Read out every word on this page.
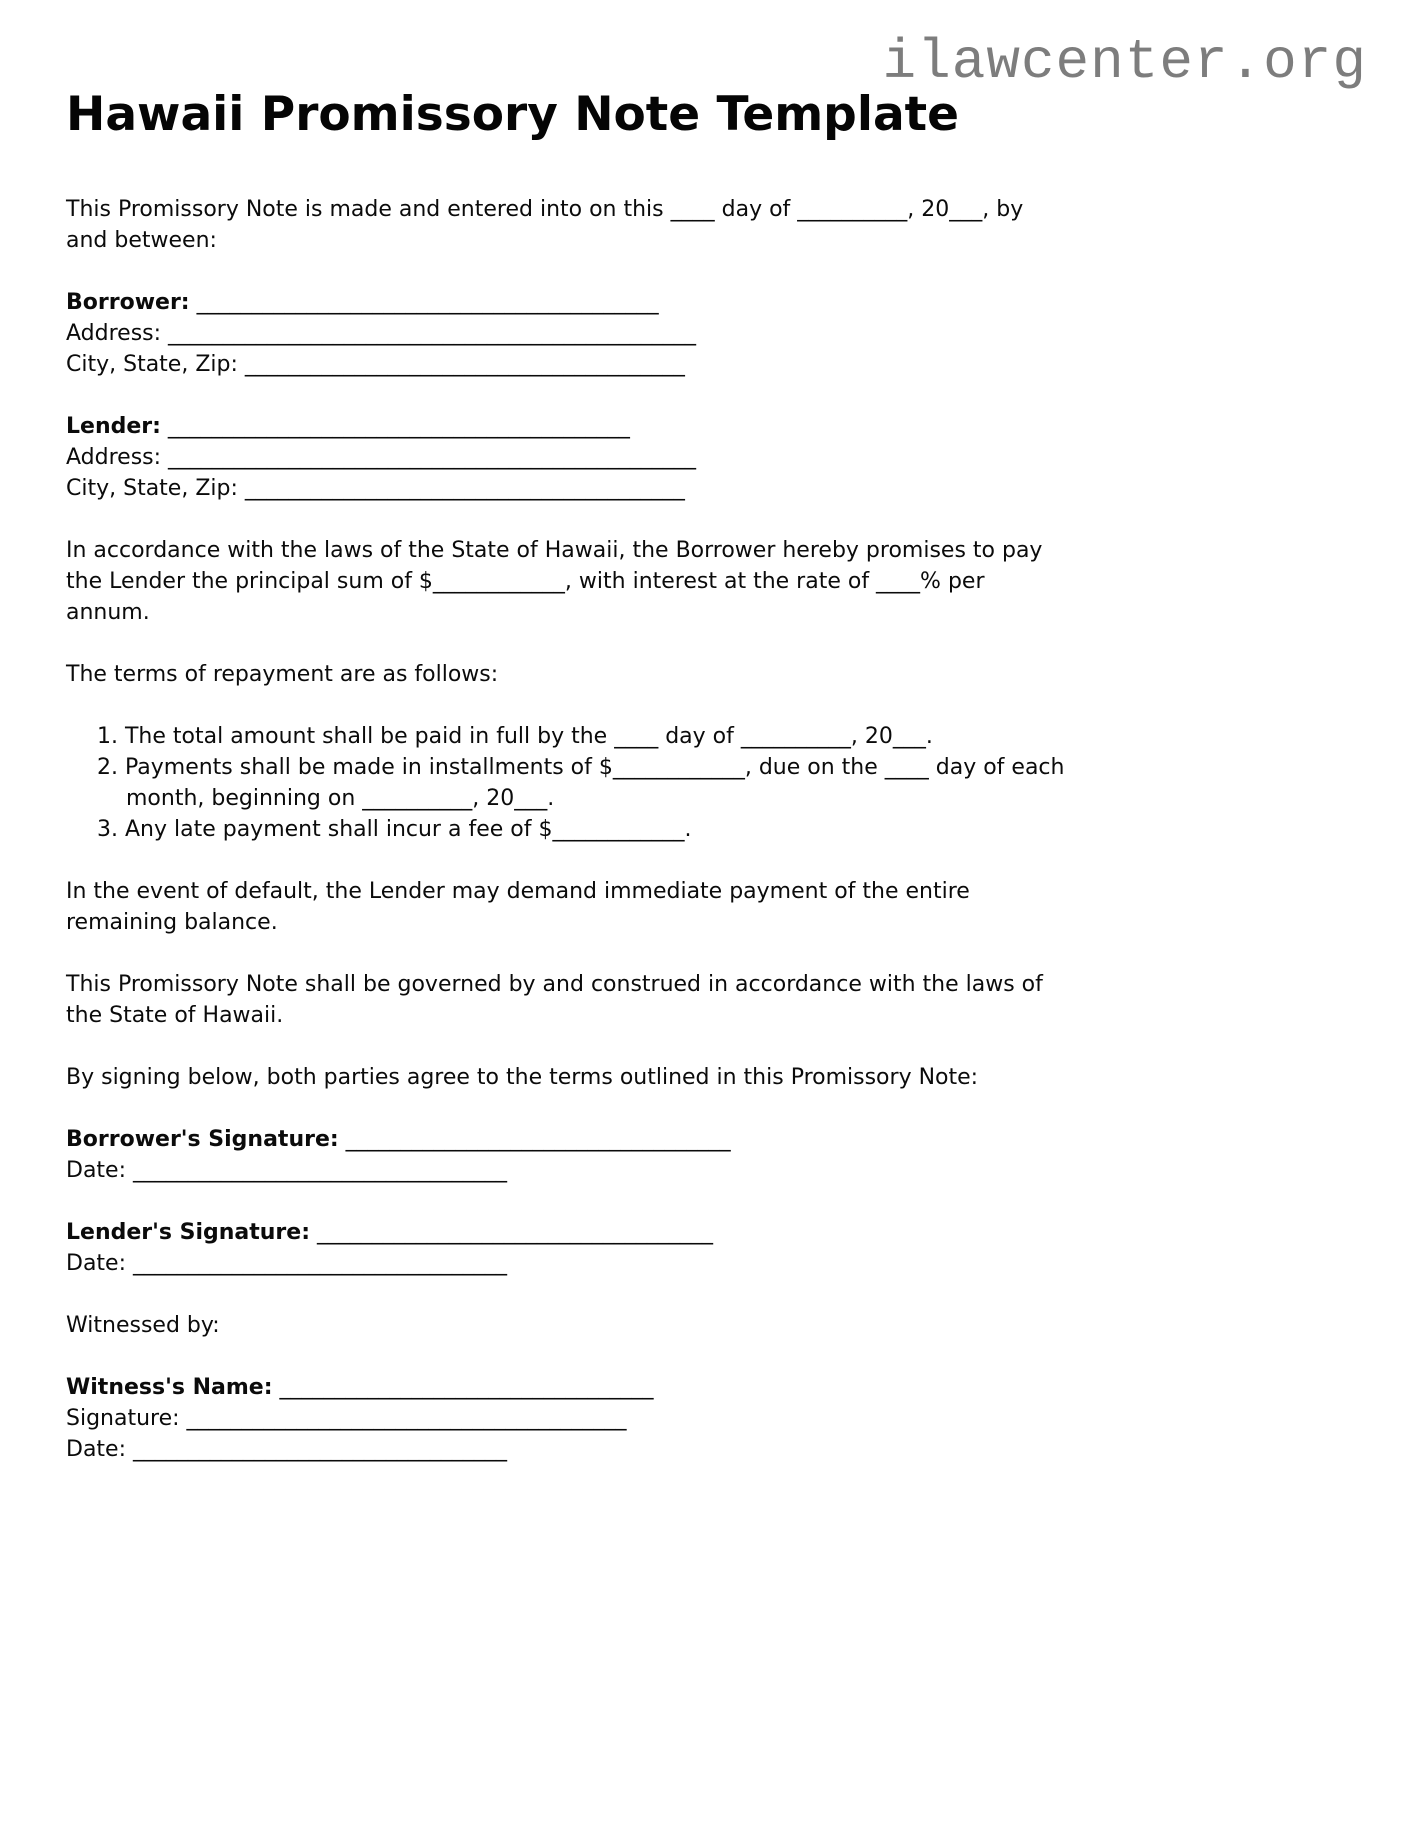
ilawcenter.org
Hawaii Promissory Note Template
This Promissory Note is made and entered into on this ____ day of __________, 20___, by
and between:
Borrower: __________________________________________
Address: ________________________________________________
City, State, Zip: ________________________________________
Lender: __________________________________________
Address: ________________________________________________
City, State, Zip: ________________________________________
In accordance with the laws of the State of Hawaii, the Borrower hereby promises to pay
the Lender the principal sum of $____________, with interest at the rate of ____% per
annum.
The terms of repayment are as follows:
1. The total amount shall be paid in full by the ____ day of __________, 20___.
2. Payments shall be made in installments of $____________, due on the ____ day of each
month, beginning on __________, 20___.
3. Any late payment shall incur a fee of $____________.
In the event of default, the Lender may demand immediate payment of the entire
remaining balance.
This Promissory Note shall be governed by and construed in accordance with the laws of
the State of Hawaii.
By signing below, both parties agree to the terms outlined in this Promissory Note:
Borrower's Signature: ___________________________________
Date: __________________________________
Lender's Signature: ____________________________________
Date: __________________________________
Witnessed by:
Witness's Name: __________________________________
Signature: ________________________________________
Date: __________________________________
